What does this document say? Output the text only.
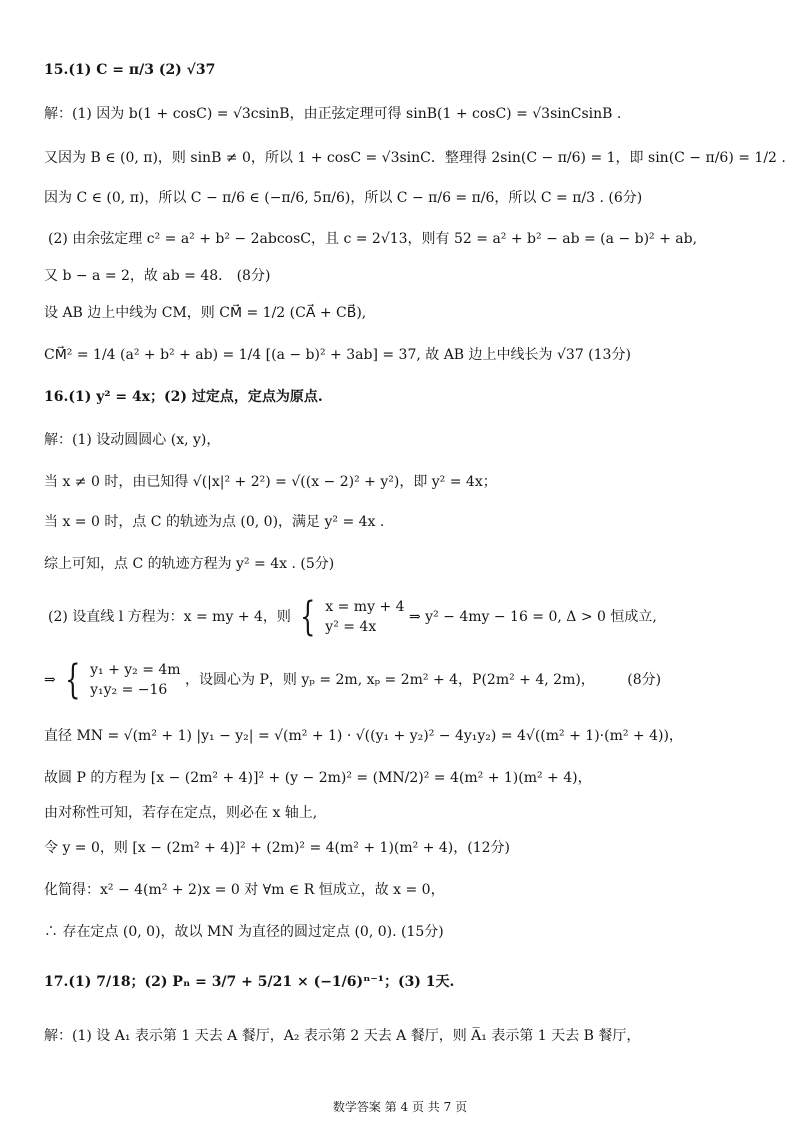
15.(1) C = π/3 (2) √37
解：(1) 因为 b(1 + cosC) = √3csinB，由正弦定理可得 sinB(1 + cosC) = √3sinCsinB .
又因为 B ∈ (0, π)，则 sinB ≠ 0，所以 1 + cosC = √3sinC．整理得 2sin(C − π/6) = 1，即 sin(C − π/6) = 1/2 .
因为 C ∈ (0, π)，所以 C − π/6 ∈ (−π/6, 5π/6)，所以 C − π/6 = π/6，所以 C = π/3 . (6分)
(2) 由余弦定理 c² = a² + b² − 2abcosC，且 c = 2√13，则有 52 = a² + b² − ab = (a − b)² + ab,
又 b − a = 2，故 ab = 48． (8分)
设 AB 边上中线为 CM，则 CM⃗ = 1/2 (CA⃗ + CB⃗),
CM⃗² = 1/4 (a² + b² + ab) = 1/4 [(a − b)² + 3ab] = 37, 故 AB 边上中线长为 √37 (13分)
16.(1) y² = 4x；(2) 过定点，定点为原点.
解：(1) 设动圆圆心 (x, y)，
当 x ≠ 0 时，由已知得 √(|x|² + 2²) = √((x − 2)² + y²)，即 y² = 4x；
当 x = 0 时，点 C 的轨迹为点 (0, 0)，满足 y² = 4x .
综上可知，点 C 的轨迹方程为 y² = 4x . (5分)
(2) 设直线 l 方程为：x = my + 4，则 { x = my + 4
y² = 4x
⇒ y² − 4my − 16 = 0, Δ > 0 恒成立,
⇒ { y₁ + y₂ = 4m
y₁y₂ = −16
，设圆心为 P，则 yₚ = 2m, xₚ = 2m² + 4，P(2m² + 4, 2m)， (8分)
直径 MN = √(m² + 1) |y₁ − y₂| = √(m² + 1) · √((y₁ + y₂)² − 4y₁y₂) = 4√((m² + 1)·(m² + 4))，
故圆 P 的方程为 [x − (2m² + 4)]² + (y − 2m)² = (MN/2)² = 4(m² + 1)(m² + 4)，
由对称性可知，若存在定点，则必在 x 轴上,
令 y = 0，则 [x − (2m² + 4)]² + (2m)² = 4(m² + 1)(m² + 4)，(12分)
化简得：x² − 4(m² + 2)x = 0 对 ∀m ∈ R 恒成立，故 x = 0，
∴ 存在定点 (0, 0)，故以 MN 为直径的圆过定点 (0, 0). (15分)
17.(1) 7/18；(2) Pₙ = 3/7 + 5/21 × (−1/6)ⁿ⁻¹；(3) 1天.
解：(1) 设 A₁ 表示第 1 天去 A 餐厅，A₂ 表示第 2 天去 A 餐厅，则 A̅₁ 表示第 1 天去 B 餐厅，
数学答案 第 4 页 共 7 页
